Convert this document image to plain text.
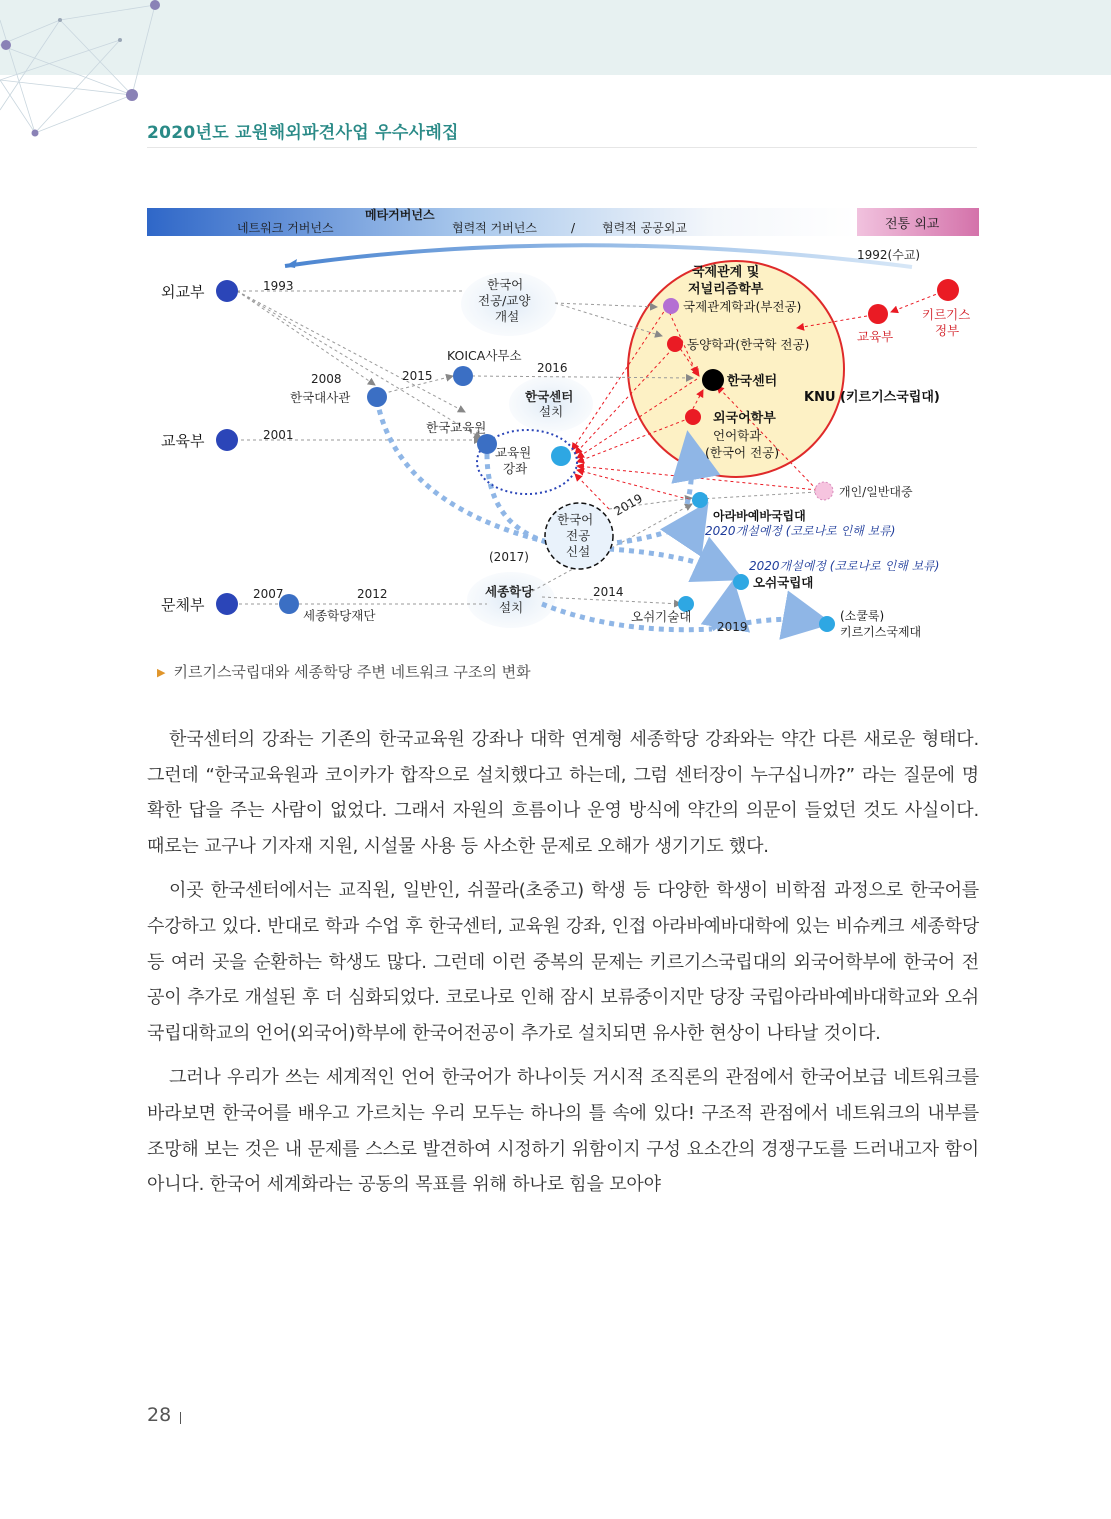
2020년도 교원해외파견사업 우수사례집
메타거버넌스
네트워크 거버넌스	협력적 거버넌스	/ 협력적 공공외교	전통 외교
1992(수교)
외교부
교육부
문체부
1993
2008
한국대사관
2015
KOICA사무소
2016
한국어
전공/교양
개설
한국센터
설치
한국교육원
2001
교육원
강좌
한국어
전공
신설
(2017)
2019
세종학당
설치
2007	2012
세종학당재단
2014
오쉬기술대
2019
국제관계 및
저널리즘학부
국제관계학과(부전공)
동양학과(한국학 전공)
한국센터
KNU (키르기스국립대)
외국어학부
언어학과
(한국어 전공)
교육부
키르기스
정부
개인/일반대중
아라바예바국립대
2020개설예정 (코로나로 인해 보류)
2020개설예정 (코로나로 인해 보류)
오쉬국립대
(소쿨룩)
키르기스국제대
▶ 키르기스국립대와 세종학당 주변 네트워크 구조의 변화

한국센터의 강좌는 기존의 한국교육원 강좌나 대학 연계형 세종학당 강좌와는 약간 다른 새로운 형태다. 그런데 “한국교육원과 코이카가 합작으로 설치했다고 하는데, 그럼 센터장이 누구십니까?” 라는 질문에 명확한 답을 주는 사람이 없었다. 그래서 자원의 흐름이나 운영 방식에 약간의 의문이 들었던 것도 사실이다. 때로는 교구나 기자재 지원, 시설물 사용 등 사소한 문제로 오해가 생기기도 했다.

이곳 한국센터에서는 교직원, 일반인, 쉬꼴라(초중고) 학생 등 다양한 학생이 비학점 과정으로 한국어를 수강하고 있다. 반대로 학과 수업 후 한국센터, 교육원 강좌, 인접 아라바예바대학에 있는 비슈케크 세종학당 등 여러 곳을 순환하는 학생도 많다. 그런데 이런 중복의 문제는 키르기스국립대의 외국어학부에 한국어 전공이 추가로 개설된 후 더 심화되었다. 코로나로 인해 잠시 보류중이지만 당장 국립아라바예바대학교와 오쉬국립대학교의 언어(외국어)학부에 한국어전공이 추가로 설치되면 유사한 현상이 나타날 것이다.

그러나 우리가 쓰는 세계적인 언어 한국어가 하나이듯 거시적 조직론의 관점에서 한국어보급 네트워크를 바라보면 한국어를 배우고 가르치는 우리 모두는 하나의 틀 속에 있다! 구조적 관점에서 네트워크의 내부를 조망해 보는 것은 내 문제를 스스로 발견하여 시정하기 위함이지 구성 요소간의 경쟁구도를 드러내고자 함이 아니다. 한국어 세계화라는 공동의 목표를 위해 하나로 힘을 모아야

28
